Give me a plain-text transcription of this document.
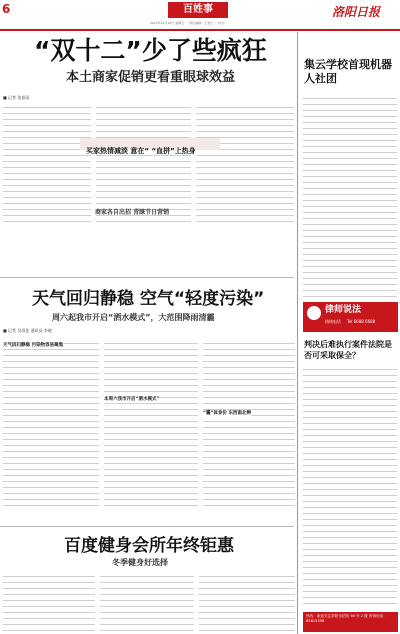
6	百姓事
2013年12月13日 星期五 ｜ 责任编辑：王金红 ｜ 校对：
洛阳日报
“双十二”少了些疯狂
本土商家促销更看重眼球效益
■ 记者 张思雨
买家热情减淡 意在“ “血拼”上热身
商家各自出招 青睐节日营销
天气回归静稳 空气“轻度污染”
周六起我市开启“洒水模式”，大范围降雨清霾
■ 记者 吴雨佳 通讯员 李晓
天气回归静稳 污染物容易聚集
本周六我市开启“洒水模式”
“霾”体身份 东西南北辨
百度健身会所年终钜惠
冬季健身好选择
集云学校首现机器人社团
律师说法
热线电话 Tel 6688 6688
判决后难执行案件法院是否可采取保全？
热线：欢迎关注洛阳市法院 36 号 2 楼 咨询电话：65815398
